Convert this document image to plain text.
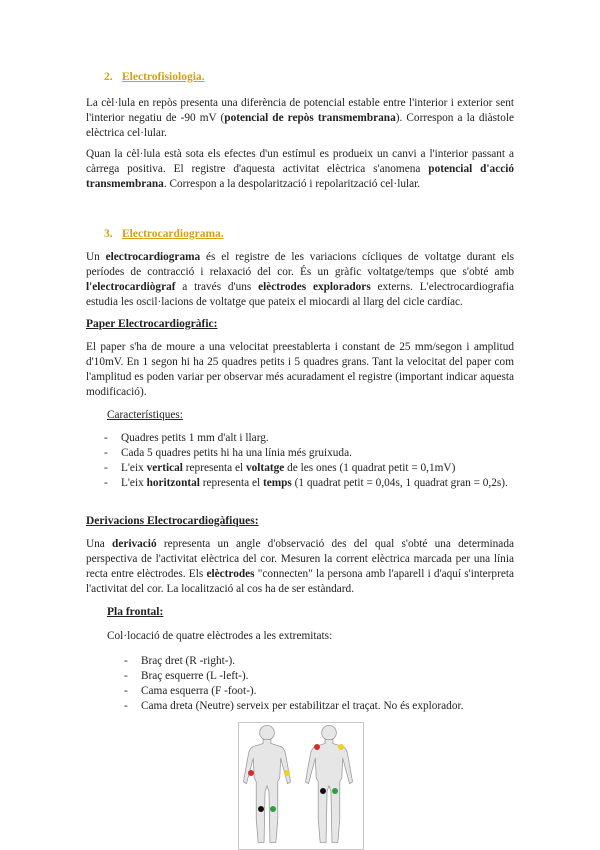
2. Electrofisiologia.

La cèl·lula en repòs presenta una diferència de potencial estable entre l'interior i exterior sent l'interior negatiu de -90 mV (potencial de repòs transmembrana). Correspon a la diàstole elèctrica cel·lular.

Quan la cèl·lula està sota els efectes d'un estímul es produeix un canvi a l'interior passant a càrrega positiva. El registre d'aquesta activitat elèctrica s'anomena potencial d'acció transmembrana. Correspon a la despolarització i repolarització cel·lular.

3. Electrocardiograma.

Un electrocardiograma és el registre de les variacions cícliques de voltatge durant els períodes de contracció i relaxació del cor. És un gràfic voltatge/temps que s'obté amb l'electrocardiògraf a través d'uns elèctrodes exploradors externs. L'electrocardiografia estudia les oscil·lacions de voltatge que pateix el miocardi al llarg del cicle cardíac.

Paper Electrocardiogràfic:

El paper s'ha de moure a una velocitat preestablerta i constant de 25 mm/segon i amplitud d'10mV. En 1 segon hi ha 25 quadres petits i 5 quadres grans. Tant la velocitat del paper com l'amplitud es poden variar per observar més acuradament el registre (important indicar aquesta modificació).

Característiques:
- Quadres petits 1 mm d'alt i llarg.
- Cada 5 quadres petits hi ha una línia més gruixuda.
- L'eix vertical representa el voltatge de les ones (1 quadrat petit = 0,1mV)
- L'eix horitzontal representa el temps (1 quadrat petit = 0,04s, 1 quadrat gran = 0,2s).
Derivacions Electrocardiogàfiques:

Una derivació representa un angle d'observació des del qual s'obté una determinada perspectiva de l'activitat elèctrica del cor. Mesuren la corrent elèctrica marcada per una línia recta entre elèctrodes. Els elèctrodes "connecten" la persona amb l'aparell i d'aquí s'interpreta l'activitat del cor. La localització al cos ha de ser estàndard.

Pla frontal:
Col·locació de quatre elèctrodes a les extremitats:
- Braç dret (R -right-).
- Braç esquerre (L -left-).
- Cama esquerra (F -foot-).
- Cama dreta (Neutre) serveix per estabilitzar el traçat. No és explorador.
